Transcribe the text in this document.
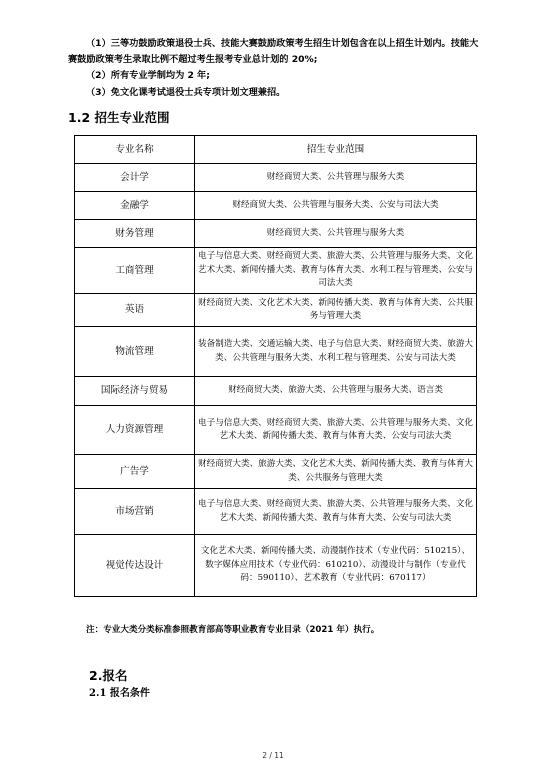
（1）三等功鼓励政策退役士兵、技能大赛鼓励政策考生招生计划包含在以上招生计划内。技能大赛鼓励政策考生录取比例不超过考生报考专业总计划的 20%;

（2）所有专业学制均为 2 年;

（3）免文化课考试退役士兵专项计划文理兼招。

1.2 招生专业范围
专业名称	招生专业范围
会计学	财经商贸大类、公共管理与服务大类
金融学	财经商贸大类、公共管理与服务大类、公安与司法大类
财务管理	财经商贸大类、公共管理与服务大类
工商管理	电子与信息大类、财经商贸大类、旅游大类、公共管理与服务大类、文化艺术大类、新闻传播大类、教育与体育大类、水利工程与管理类、公安与司法大类
英语	财经商贸大类、文化艺术大类、新闻传播大类、教育与体育大类、公共服务与管理大类
物流管理	装备制造大类、交通运输大类、电子与信息大类、财经商贸大类、旅游大类、公共管理与服务大类、水利工程与管理类、公安与司法大类
国际经济与贸易	财经商贸大类、旅游大类、公共管理与服务大类、语言类
人力资源管理	电子与信息大类、财经商贸大类、旅游大类、公共管理与服务大类、文化艺术大类、新闻传播大类、教育与体育大类、公安与司法大类
广告学	财经商贸大类、旅游大类、文化艺术大类、新闻传播大类、教育与体育大类、公共服务与管理大类
市场营销	电子与信息大类、财经商贸大类、旅游大类、公共管理与服务大类、文化艺术大类、新闻传播大类、教育与体育大类、公安与司法大类
视觉传达设计	文化艺术大类、新闻传播大类、动漫制作技术（专业代码：510215）、数字媒体应用技术（专业代码：610210）、动漫设计与制作（专业代码：590110）、艺术教育（专业代码：670117）

注：专业大类分类标准参照教育部高等职业教育专业目录（2021 年）执行。

2.报名
2.1 报名条件
2 / 11
